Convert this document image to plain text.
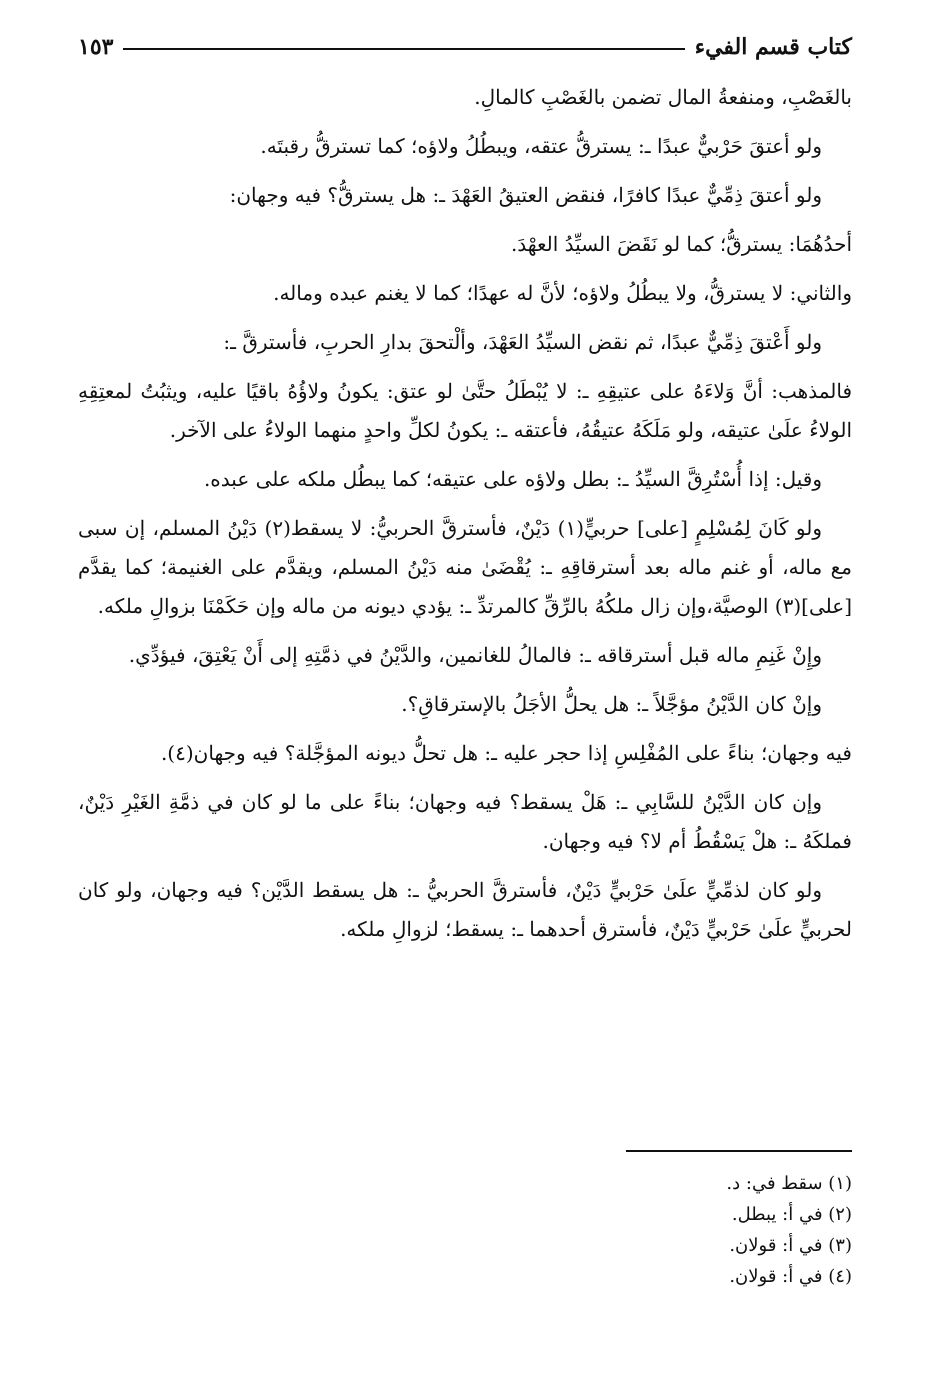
كتاب قسم الفيء
١٥٣

بالغَصْبِ، ومنفعةُ المال تضمن بالغَصْبِ كالمالِ.

ولو أعتقَ حَرْبيٌّ عبدًا ـ: يسترقُّ عتقه، ويبطُلُ ولاؤه؛ كما تسترقُّ رقبتَه.

ولو أعتقَ ذِمِّيٌّ عبدًا كافرًا، فنقض العتيقُ العَهْدَ ـ: هل يسترقُّ؟ فيه وجهان:

أحدُهُمَا: يسترقُّ؛ كما لو نَقَضَ السيِّدُ العهْدَ.

والثاني: لا يسترقُّ، ولا يبطُلُ ولاؤه؛ لأنَّ له عهدًا؛ كما لا يغنم عبده وماله.

ولو أَعْتقَ ذِمِّيٌّ عبدًا، ثم نقض السيِّدُ العَهْدَ، وألْتحقَ بدارِ الحربِ، فأسترقَّ ـ:

فالمذهب: أنَّ وَلاءَهُ على عتيقِهِ ـ: لا يُبْطَلُ حتَّىٰ لو عتق: يكونُ ولاؤُهُ باقيًا عليه، ويثبُتُ لمعتِقِهِ الولاءُ علَىٰ عتيقه، ولو مَلَكَهُ عتيقُهُ، فأعتقه ـ: يكونُ لكلِّ واحدٍ منهما الولاءُ على الآخر.

وقيل: إذا أُسْتُرِقَّ السيِّدُ ـ: بطل ولاؤه على عتيقه؛ كما يبطُل ملكه على عبده.

ولو كَانَ لِمُسْلِمٍ [على] حربيٍّ(١) دَيْنٌ، فأسترقَّ الحربيُّ: لا يسقط(٢) دَيْنُ المسلم، إن سبى مع ماله، أو غنم ماله بعد أسترقاقِهِ ـ: يُقْضَىٰ منه دَيْنُ المسلم، ويقدَّم على الغنيمة؛ كما يقدَّم [على](٣) الوصيَّة،وإن زال ملكُهُ بالرِّقِّ كالمرتدِّ ـ: يؤدي ديونه من ماله وإن حَكَمْنَا بزوالِ ملكه.

وإِنْ غَنِمِ ماله قبل أسترقاقه ـ: فالمالُ للغانمين، والدَّيْنُ في ذمَّتِهِ إلى أَنْ يَعْتِقَ، فيؤدِّي.

وإنْ كان الدَّيْنُ مؤجَّلاً ـ: هل يحلُّ الأجَلُ بالإسترقاقِ؟.

فيه وجهان؛ بناءً على المُفْلِسِ إذا حجر عليه ـ: هل تحلُّ ديونه المؤجَّلة؟ فيه وجهان(٤).

وإن كان الدَّيْنُ للسَّابِي ـ: هَلْ يسقط؟ فيه وجهان؛ بناءً على ما لو كان في ذمَّةِ الغَيْرِ دَيْنٌ، فملكَهُ ـ: هلْ يَسْقُطُ أم لا؟ فيه وجهان.

ولو كان لذمِّيٍّ علَىٰ حَرْبيٍّ دَيْنٌ، فأسترقَّ الحربيُّ ـ: هل يسقط الدَّيْن؟ فيه وجهان، ولو كان لحربيٍّ علَىٰ حَرْبيٍّ دَيْنٌ، فأسترق أحدهما ـ: يسقط؛ لزوالِ ملكه.

(١) سقط في: د.

(٢) في أ: يبطل.

(٣) في أ: قولان.

(٤) في أ: قولان.
